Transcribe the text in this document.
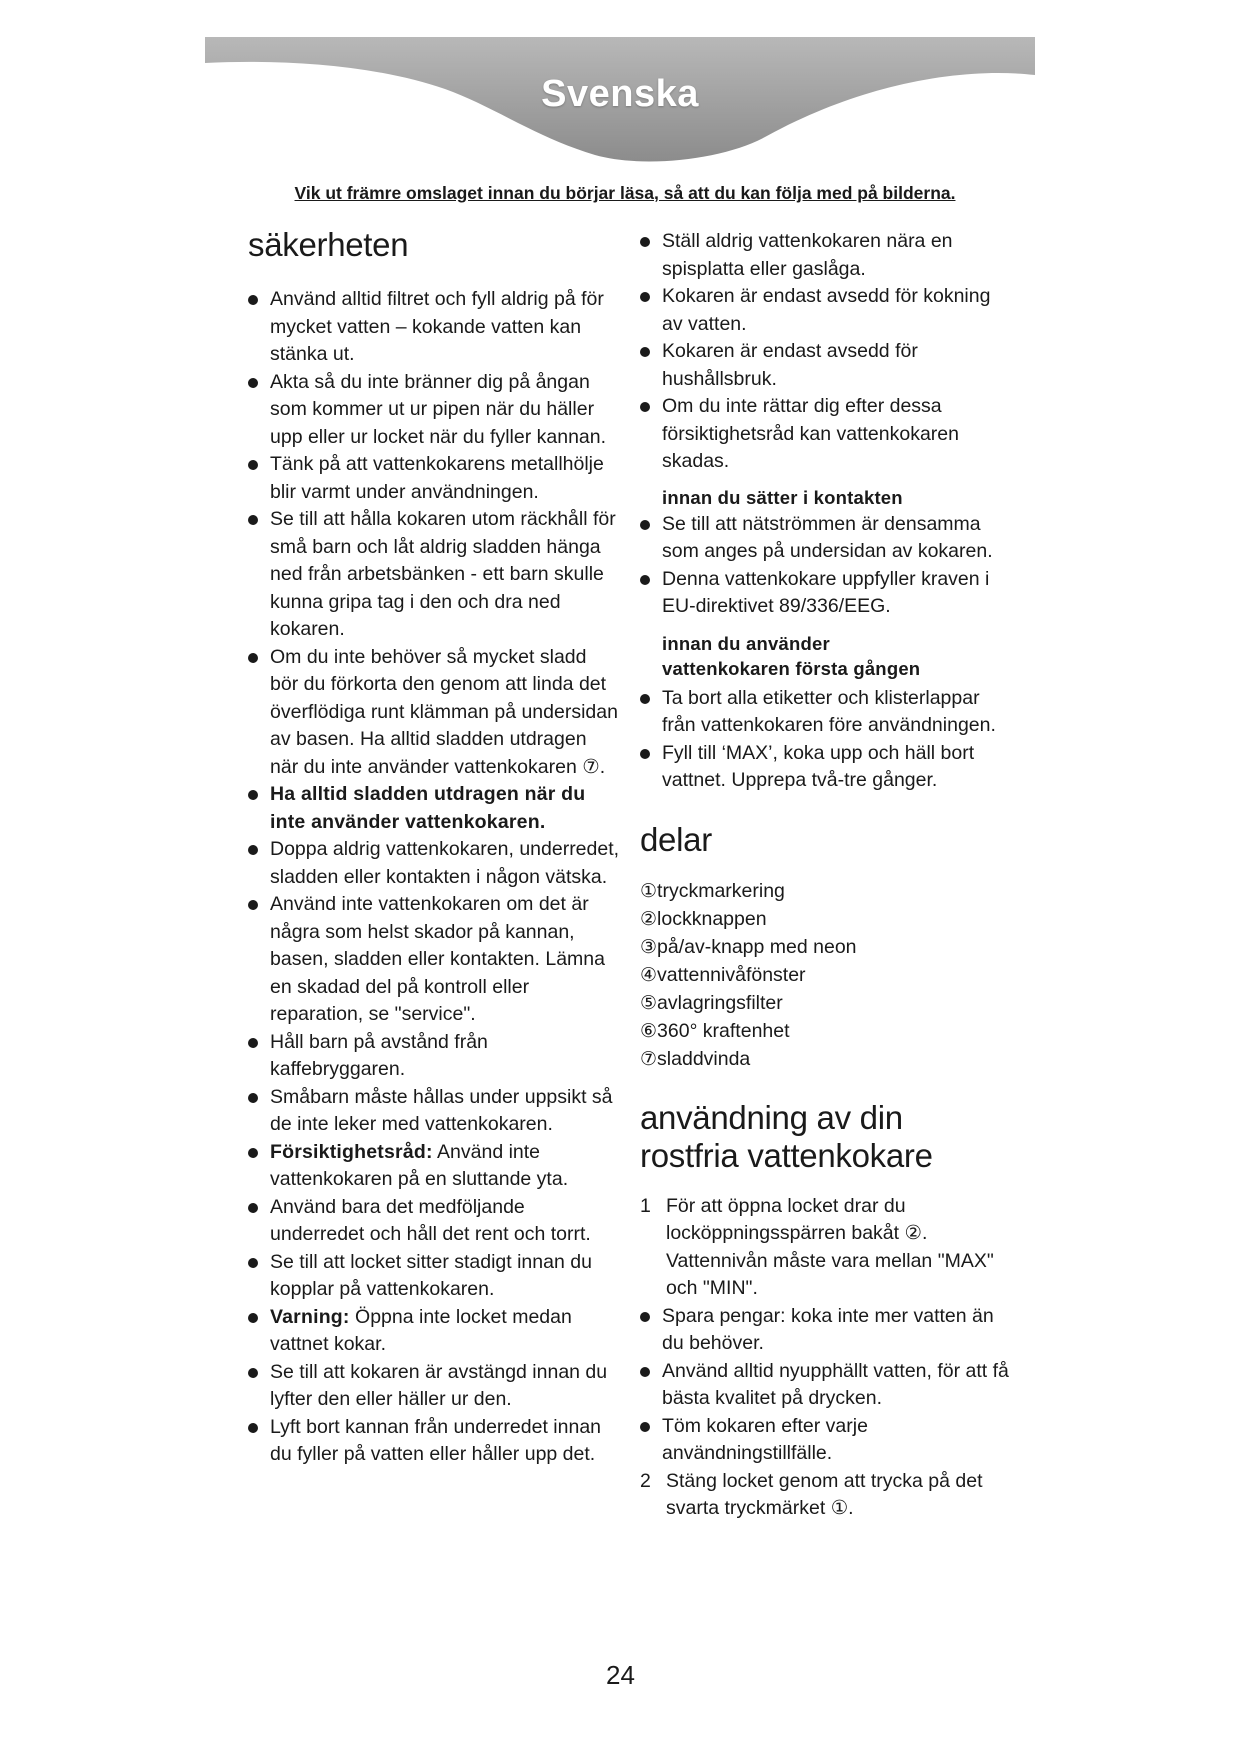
Svenska
Vik ut främre omslaget innan du börjar läsa, så att du kan följa med på bilderna.
säkerheten
Använd alltid filtret och fyll aldrig på för mycket vatten – kokande vatten kan stänka ut.
Akta så du inte bränner dig på ångan som kommer ut ur pipen när du häller upp eller ur locket när du fyller kannan.
Tänk på att vattenkokarens metallhölje blir varmt under användningen.
Se till att hålla kokaren utom räckhåll för små barn och låt aldrig sladden hänga ned från arbetsbänken - ett barn skulle kunna gripa tag i den och dra ned kokaren.
Om du inte behöver så mycket sladd bör du förkorta den genom att linda det överflödiga runt klämman på undersidan av basen. Ha alltid sladden utdragen när du inte använder vattenkokaren ⑦.
Ha alltid sladden utdragen när du inte använder vattenkokaren.
Doppa aldrig vattenkokaren, underredet, sladden eller kontakten i någon vätska.
Använd inte vattenkokaren om det är några som helst skador på kannan, basen, sladden eller kontakten. Lämna en skadad del på kontroll eller reparation, se "service".
Håll barn på avstånd från kaffebryggaren.
Småbarn måste hållas under uppsikt så de inte leker med vattenkokaren.
Försiktighetsråd: Använd inte vattenkokaren på en sluttande yta.
Använd bara det medföljande underredet och håll det rent och torrt.
Se till att locket sitter stadigt innan du kopplar på vattenkokaren.
Varning: Öppna inte locket medan vattnet kokar.
Se till att kokaren är avstängd innan du lyfter den eller häller ur den.
Lyft bort kannan från underredet innan du fyller på vatten eller håller upp det.
Ställ aldrig vattenkokaren nära en spisplatta eller gaslåga.
Kokaren är endast avsedd för kokning av vatten.
Kokaren är endast avsedd för hushållsbruk.
Om du inte rättar dig efter dessa försiktighetsråd kan vattenkokaren skadas.
innan du sätter i kontakten
Se till att nätströmmen är densamma som anges på undersidan av kokaren.
Denna vattenkokare uppfyller kraven i EU-direktivet 89/336/EEG.
innan du använder
vattenkokaren första gången
Ta bort alla etiketter och klisterlappar från vattenkokaren före användningen.
Fyll till ‘MAX’, koka upp och häll bort vattnet. Upprepa två-tre gånger.
delar
①tryckmarkering
②lockknappen
③på/av-knapp med neon
④vattennivåfönster
⑤avlagringsfilter
⑥360° kraftenhet
⑦sladdvinda
användning av din
rostfria vattenkokare
1 För att öppna locket drar du locköppningsspärren bakåt ②. Vattennivån måste vara mellan "MAX" och "MIN".
Spara pengar: koka inte mer vatten än du behöver.
Använd alltid nyupphällt vatten, för att få bästa kvalitet på drycken.
Töm kokaren efter varje användningstillfälle.
2 Stäng locket genom att trycka på det svarta tryckmärket ①.
24
